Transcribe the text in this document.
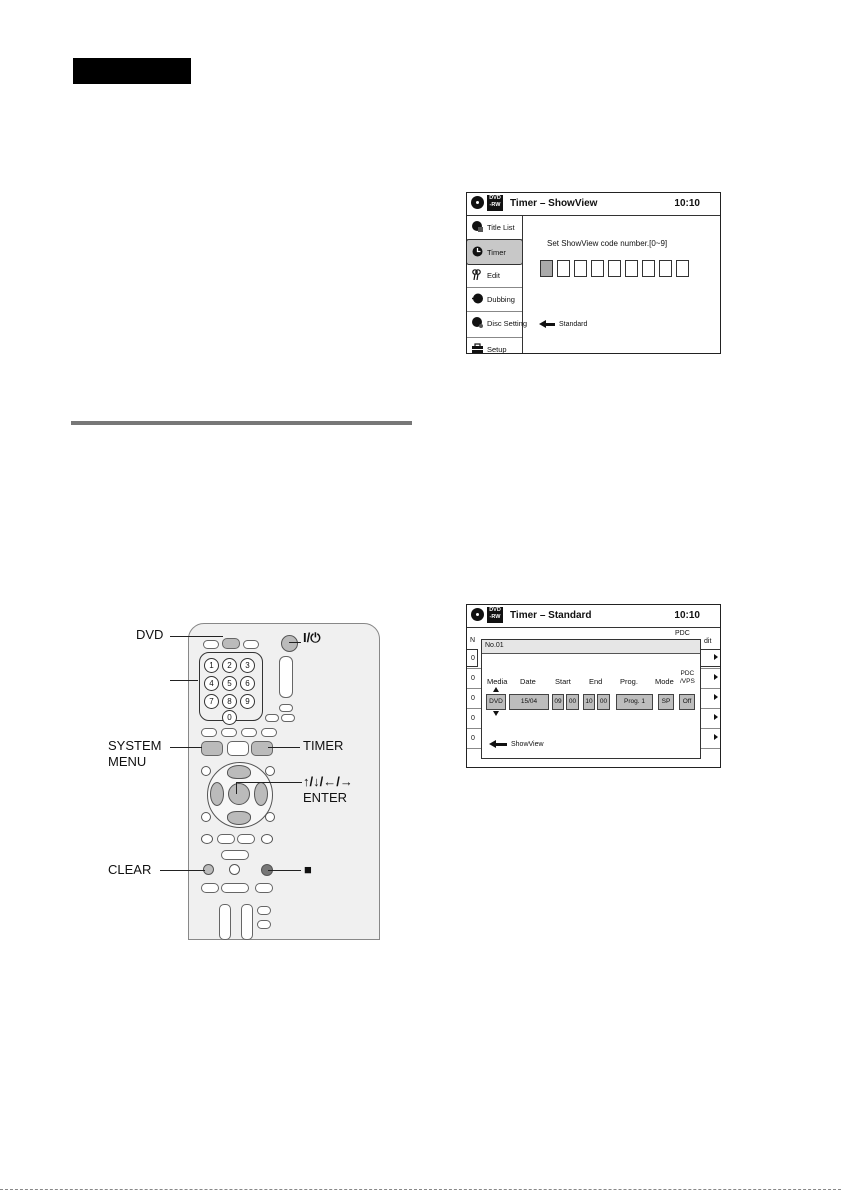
DVD
-RW Timer – ShowView	10:10
Title List
Timer
Edit
Dubbing
Disc Setting
Setup
Set ShowView code number.[0~9]
Standard
DVD
-RW Timer – Standard	10:10
N
PDC
dit
0
0
0
0
0
No.01
Media Date	Start End Prog. Mode
PDC
/VPS
DVD	15/04	09	00	10	00	Prog. 1	SP	Off
ShowView
1	2	3
4	5	6
7	8	9
0
DVD	I/⏻
SYSTEM
MENU
TIMER
↑/↓/←/→
ENTER
CLEAR	■
